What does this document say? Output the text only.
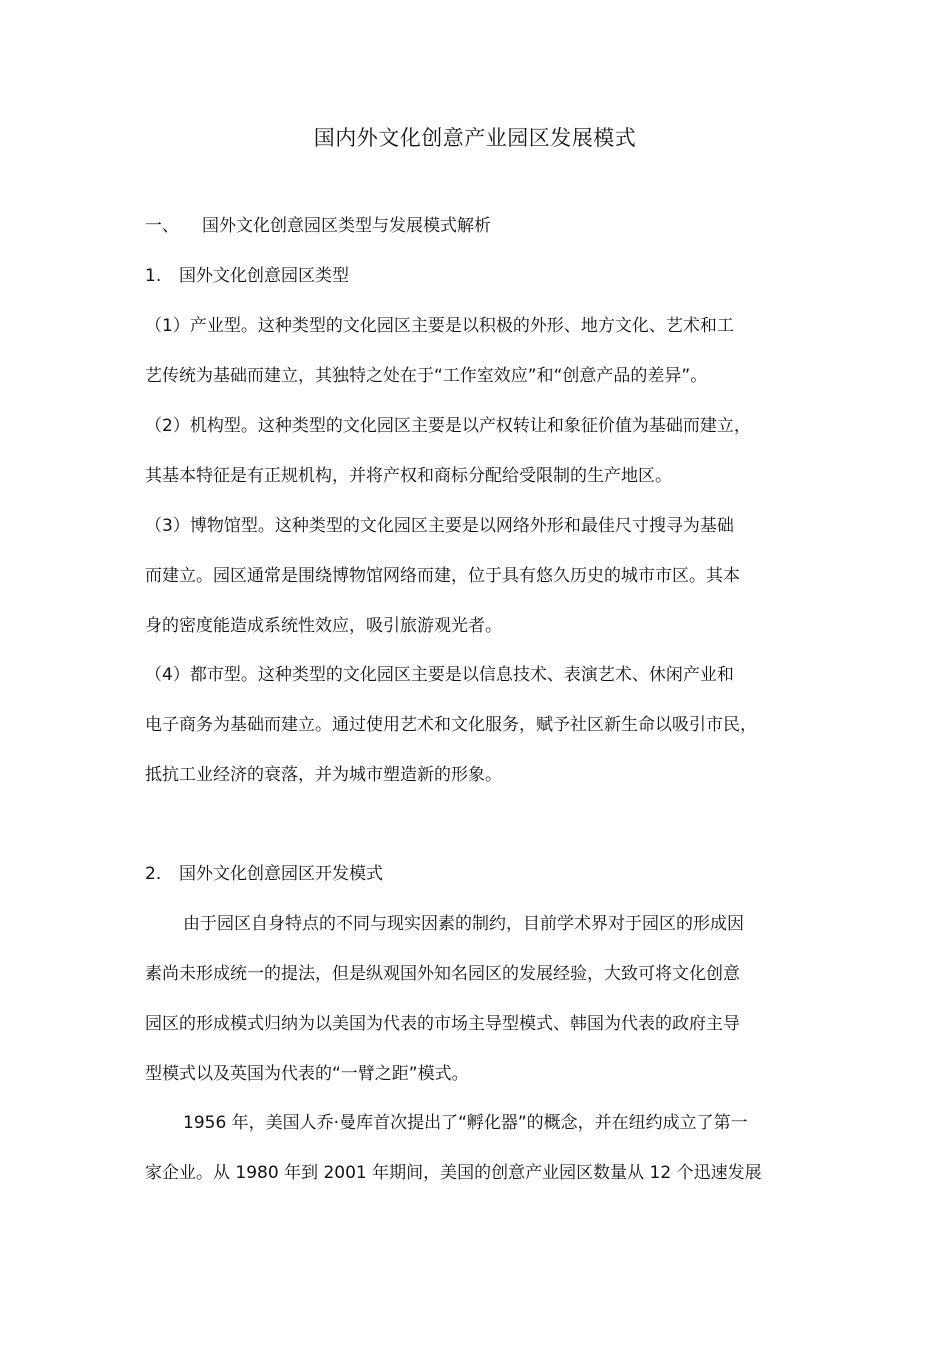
国内外文化创意产业园区发展模式
一、 国外文化创意园区类型与发展模式解析
1. 国外文化创意园区类型
（1）产业型。这种类型的文化园区主要是以积极的外形、地方文化、艺术和工
艺传统为基础而建立，其独特之处在于“工作室效应”和“创意产品的差异”。
（2）机构型。这种类型的文化园区主要是以产权转让和象征价值为基础而建立，
其基本特征是有正规机构，并将产权和商标分配给受限制的生产地区。
（3）博物馆型。这种类型的文化园区主要是以网络外形和最佳尺寸搜寻为基础
而建立。园区通常是围绕博物馆网络而建，位于具有悠久历史的城市市区。其本
身的密度能造成系统性效应，吸引旅游观光者。
（4）都市型。这种类型的文化园区主要是以信息技术、表演艺术、休闲产业和
电子商务为基础而建立。通过使用艺术和文化服务，赋予社区新生命以吸引市民，
抵抗工业经济的衰落，并为城市塑造新的形象。
2. 国外文化创意园区开发模式
由于园区自身特点的不同与现实因素的制约，目前学术界对于园区的形成因
素尚未形成统一的提法，但是纵观国外知名园区的发展经验，大致可将文化创意
园区的形成模式归纳为以美国为代表的市场主导型模式、韩国为代表的政府主导
型模式以及英国为代表的“一臂之距”模式。
1956 年，美国人乔·曼库首次提出了“孵化器”的概念，并在纽约成立了第一
家企业。从 1980 年到 2001 年期间，美国的创意产业园区数量从 12 个迅速发展
